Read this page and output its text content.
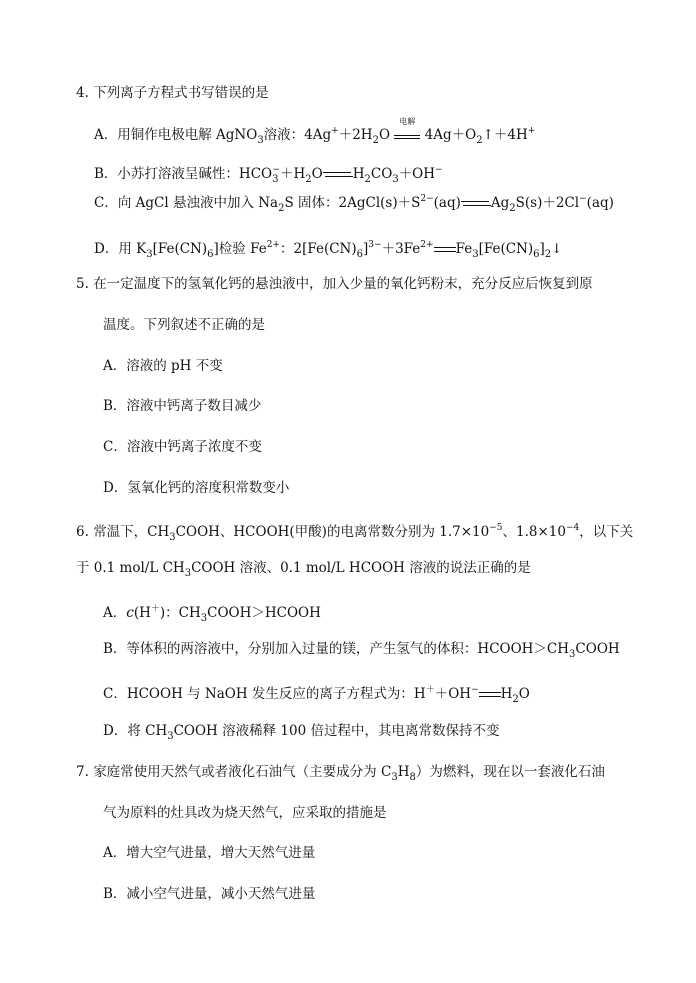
4. 下列离子方程式书写错误的是
A．用铜作电极电解 AgNO$_3$溶液：$4Ag^++2H_2O$
电解
$4Ag+O_2↑+4H^+$
B．小苏打溶液呈碱性：$HCO_3^-+H_2O$ $H_2CO_3+OH^-$
C．向 AgCl 悬浊液中加入 $Na_2S$ 固体：$2AgCl(s)+S^{2-}(aq)$ $Ag_2S(s)+2Cl^-(aq)$
D．用 $K_3[Fe(CN)_6]$检验 $Fe^{2+}$：$2[Fe(CN)_6]^{3-}+3Fe^{2+}$ $Fe_3[Fe(CN)_6]_2↓$
5. 在一定温度下的氢氧化钙的悬浊液中，加入少量的氧化钙粉末，充分反应后恢复到原
温度。下列叙述不正确的是
A．溶液的 pH 不变
B．溶液中钙离子数目减少
C．溶液中钙离子浓度不变
D．氢氧化钙的溶度积常数变小
6. 常温下，$CH_3COOH$、HCOOH(甲酸)的电离常数分别为 $1.7\times 10^{-5}$、$1.8\times 10^{-4}$，以下关
于 0.1 mol/L $CH_3COOH$ 溶液、0.1 mol/L HCOOH 溶液的说法正确的是
A．c(H＋)：$CH_3COOH>HCOOH$
B．等体积的两溶液中，分别加入过量的镁，产生氢气的体积：$HCOOH>CH_3COOH$
C．HCOOH 与 NaOH 发生反应的离子方程式为：H＋＋OH− $H_2O$
D．将 $CH_3COOH$ 溶液稀释 100 倍过程中，其电离常数保持不变
7. 家庭常使用天然气或者液化石油气（主要成分为 $C_3H_8$）为燃料，现在以一套液化石油
气为原料的灶具改为烧天然气，应采取的措施是
A．增大空气进量，增大天然气进量
B．减小空气进量，减小天然气进量
